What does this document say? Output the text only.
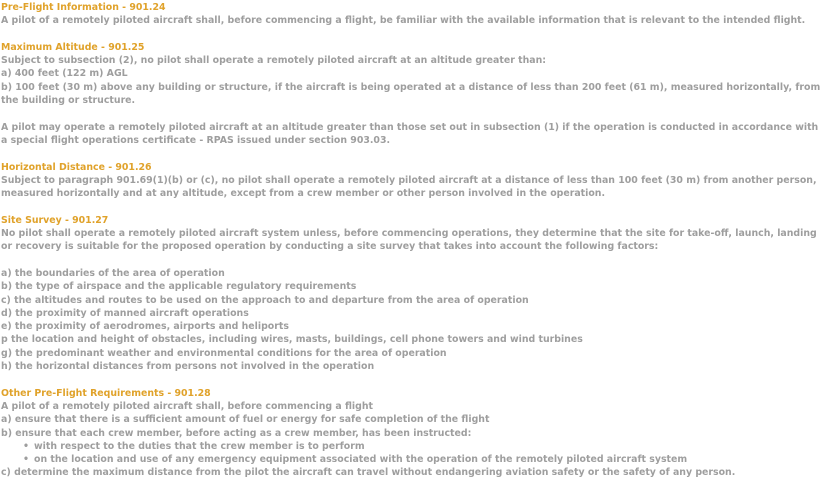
Pre-Flight Information - 901.24
A pilot of a remotely piloted aircraft shall, before commencing a flight, be familiar with the available information that is relevant to the intended flight.
Maximum Altitude - 901.25
Subject to subsection (2), no pilot shall operate a remotely piloted aircraft at an altitude greater than:
a) 400 feet (122 m) AGL
b) 100 feet (30 m) above any building or structure, if the aircraft is being operated at a distance of less than 200 feet (61 m), measured horizontally, from the building or structure.
A pilot may operate a remotely piloted aircraft at an altitude greater than those set out in subsection (1) if the operation is conducted in accordance with a special flight operations certificate - RPAS issued under section 903.03.
Horizontal Distance - 901.26
Subject to paragraph 901.69(1)(b) or (c), no pilot shall operate a remotely piloted aircraft at a distance of less than 100 feet (30 m) from another person, measured horizontally and at any altitude, except from a crew member or other person involved in the operation.
Site Survey - 901.27
No pilot shall operate a remotely piloted aircraft system unless, before commencing operations, they determine that the site for take-off, launch, landing or recovery is suitable for the proposed operation by conducting a site survey that takes into account the following factors:
a) the boundaries of the area of operation
b) the type of airspace and the applicable regulatory requirements
c) the altitudes and routes to be used on the approach to and departure from the area of operation
d) the proximity of manned aircraft operations
e) the proximity of aerodromes, airports and heliports
p the location and height of obstacles, including wires, masts, buildings, cell phone towers and wind turbines
g) the predominant weather and environmental conditions for the area of operation
h) the horizontal distances from persons not involved in the operation
Other Pre-Flight Requirements - 901.28
A pilot of a remotely piloted aircraft shall, before commencing a flight
a) ensure that there is a sufficient amount of fuel or energy for safe completion of the flight
b) ensure that each crew member, before acting as a crew member, has been instructed:
• with respect to the duties that the crew member is to perform
• on the location and use of any emergency equipment associated with the operation of the remotely piloted aircraft system
c) determine the maximum distance from the pilot the aircraft can travel without endangering aviation safety or the safety of any person.
